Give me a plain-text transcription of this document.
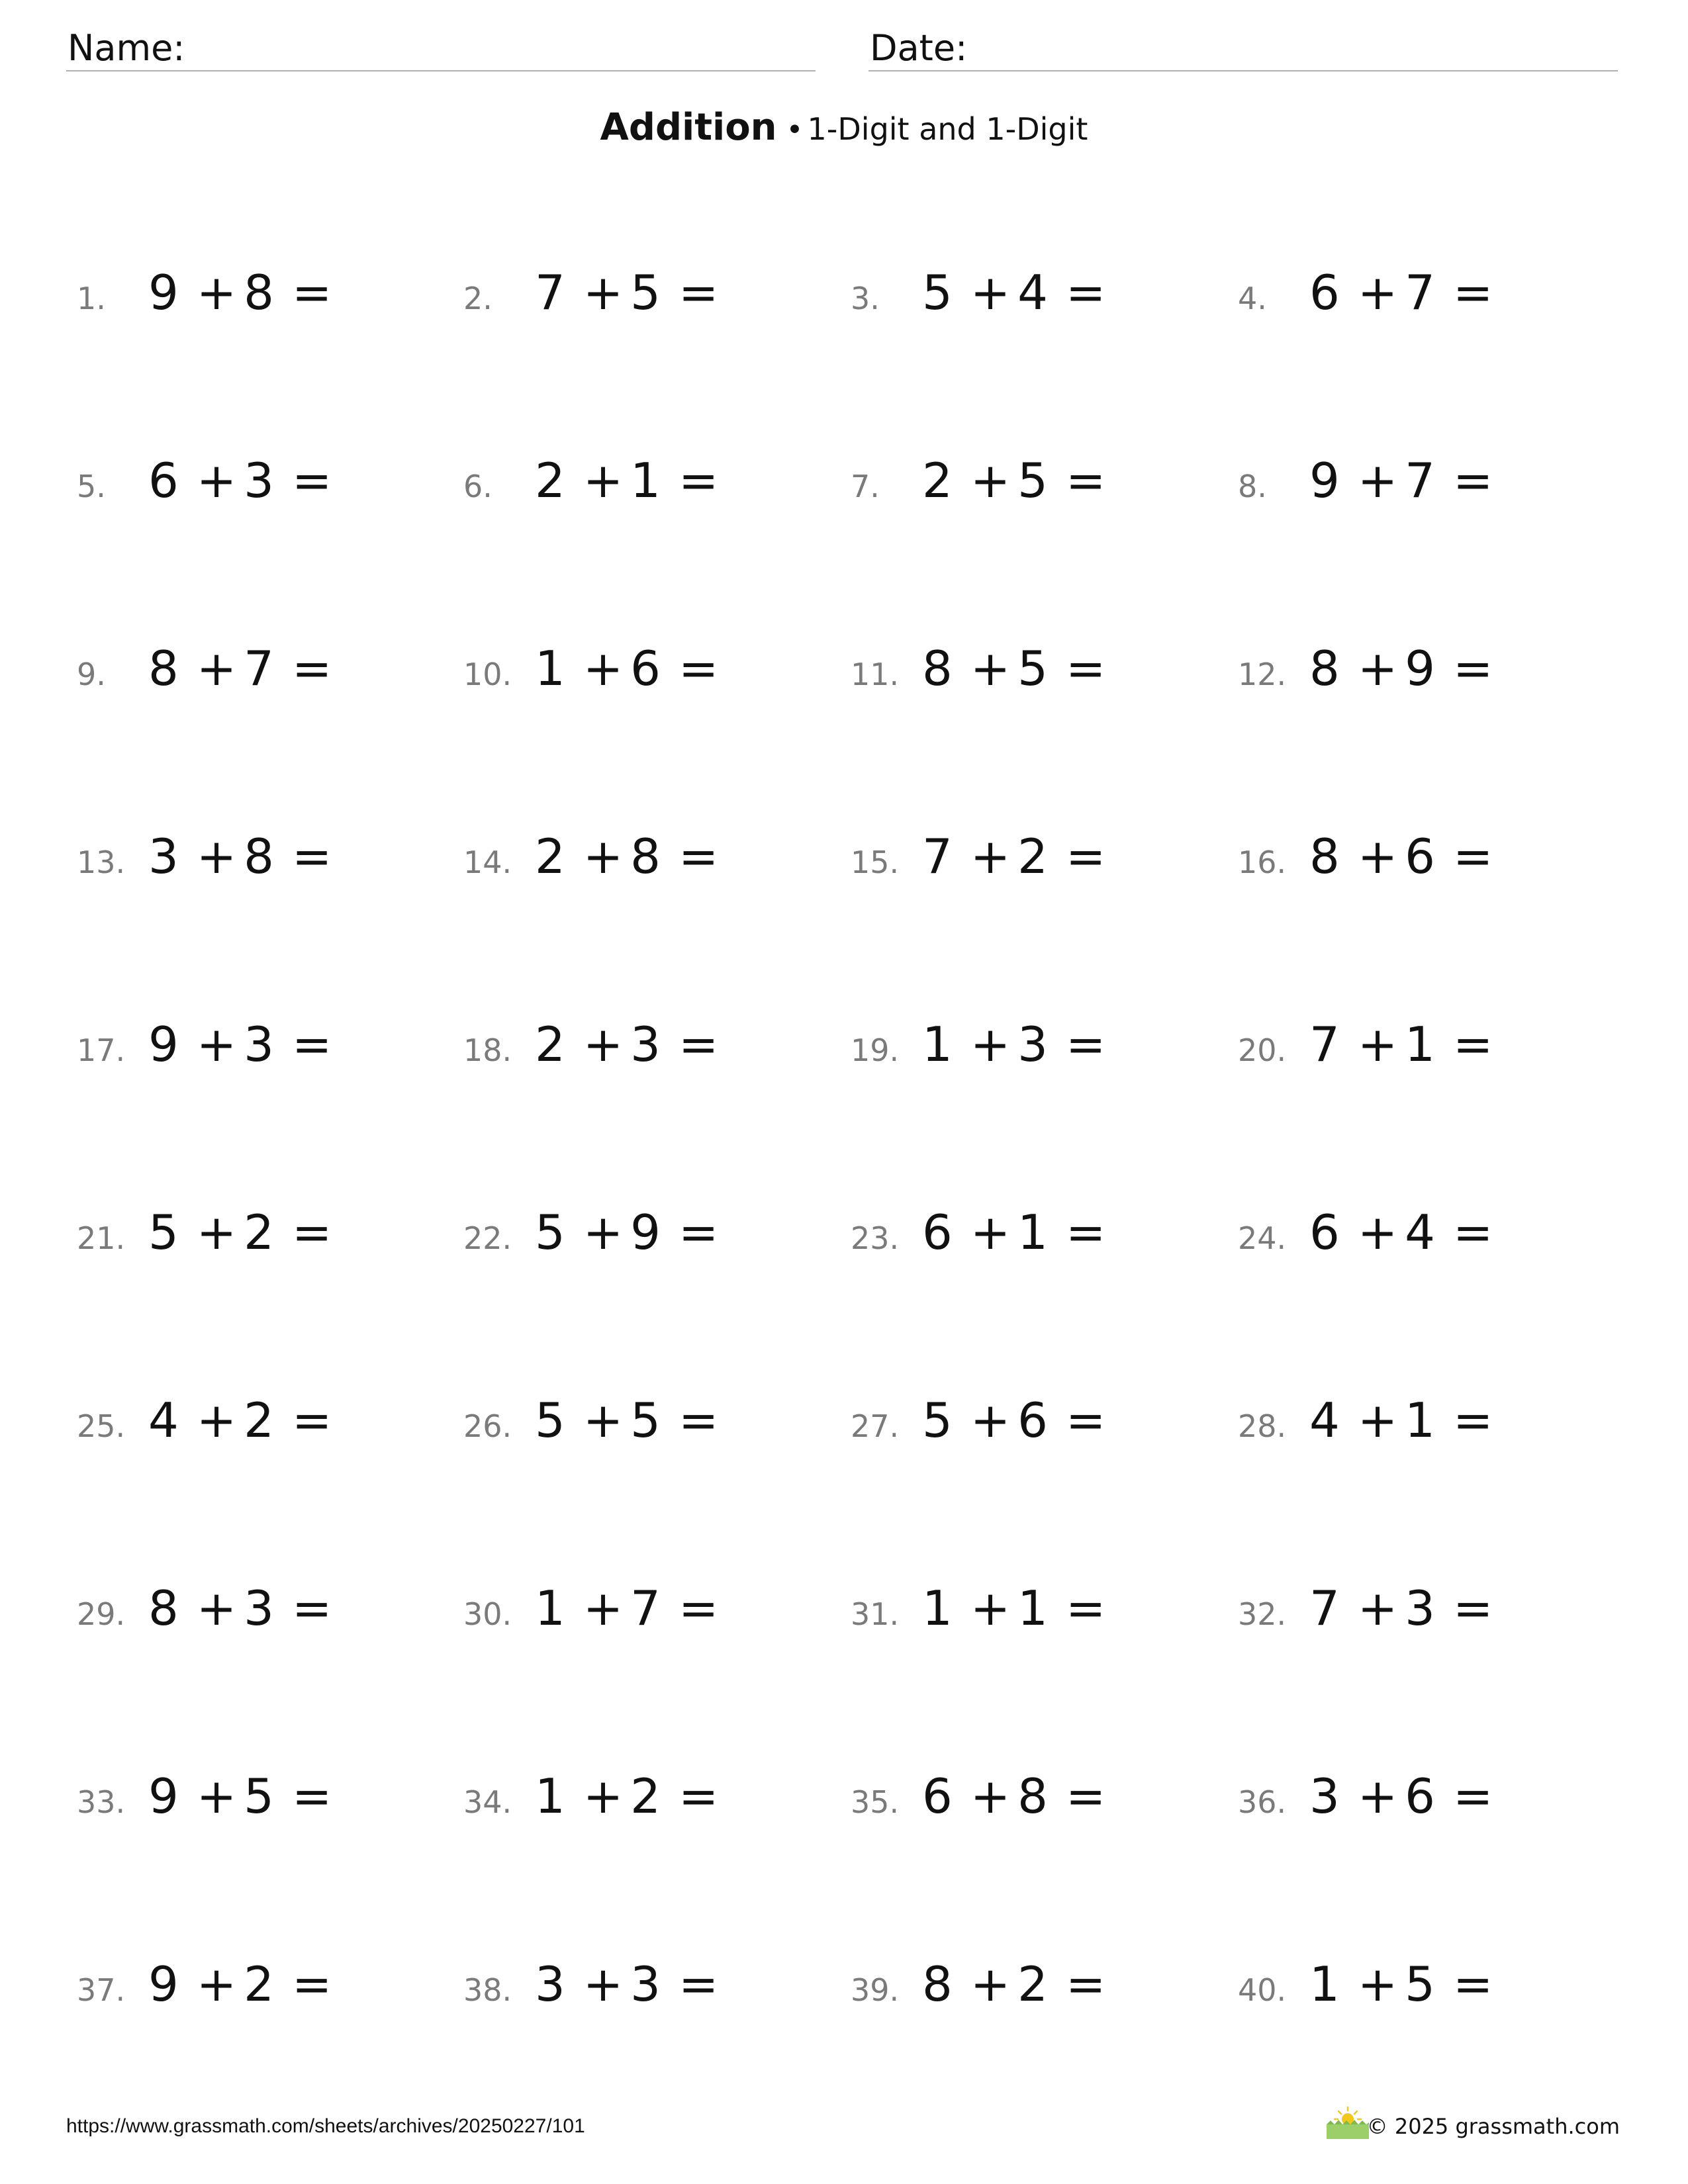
Name:	Date:
Addition • 1-Digit and 1-Digit
1. 9 + 8 =	2. 7 + 5 =	3. 5 + 4 =	4. 6 + 7 =
5. 6 + 3 =	6. 2 + 1 =	7. 2 + 5 =	8. 9 + 7 =
9. 8 + 7 =	10. 1 + 6 =	11. 8 + 5 =	12. 8 + 9 =
13. 3 + 8 =	14. 2 + 8 =	15. 7 + 2 =	16. 8 + 6 =
17. 9 + 3 =	18. 2 + 3 =	19. 1 + 3 =	20. 7 + 1 =
21. 5 + 2 =	22. 5 + 9 =	23. 6 + 1 =	24. 6 + 4 =
25. 4 + 2 =	26. 5 + 5 =	27. 5 + 6 =	28. 4 + 1 =
29. 8 + 3 =	30. 1 + 7 =	31. 1 + 1 =	32. 7 + 3 =
33. 9 + 5 =	34. 1 + 2 =	35. 6 + 8 =	36. 3 + 6 =
37. 9 + 2 =	38. 3 + 3 =	39. 8 + 2 =	40. 1 + 5 =
https://www.grassmath.com/sheets/archives/20250227/101	© 2025 grassmath.com
